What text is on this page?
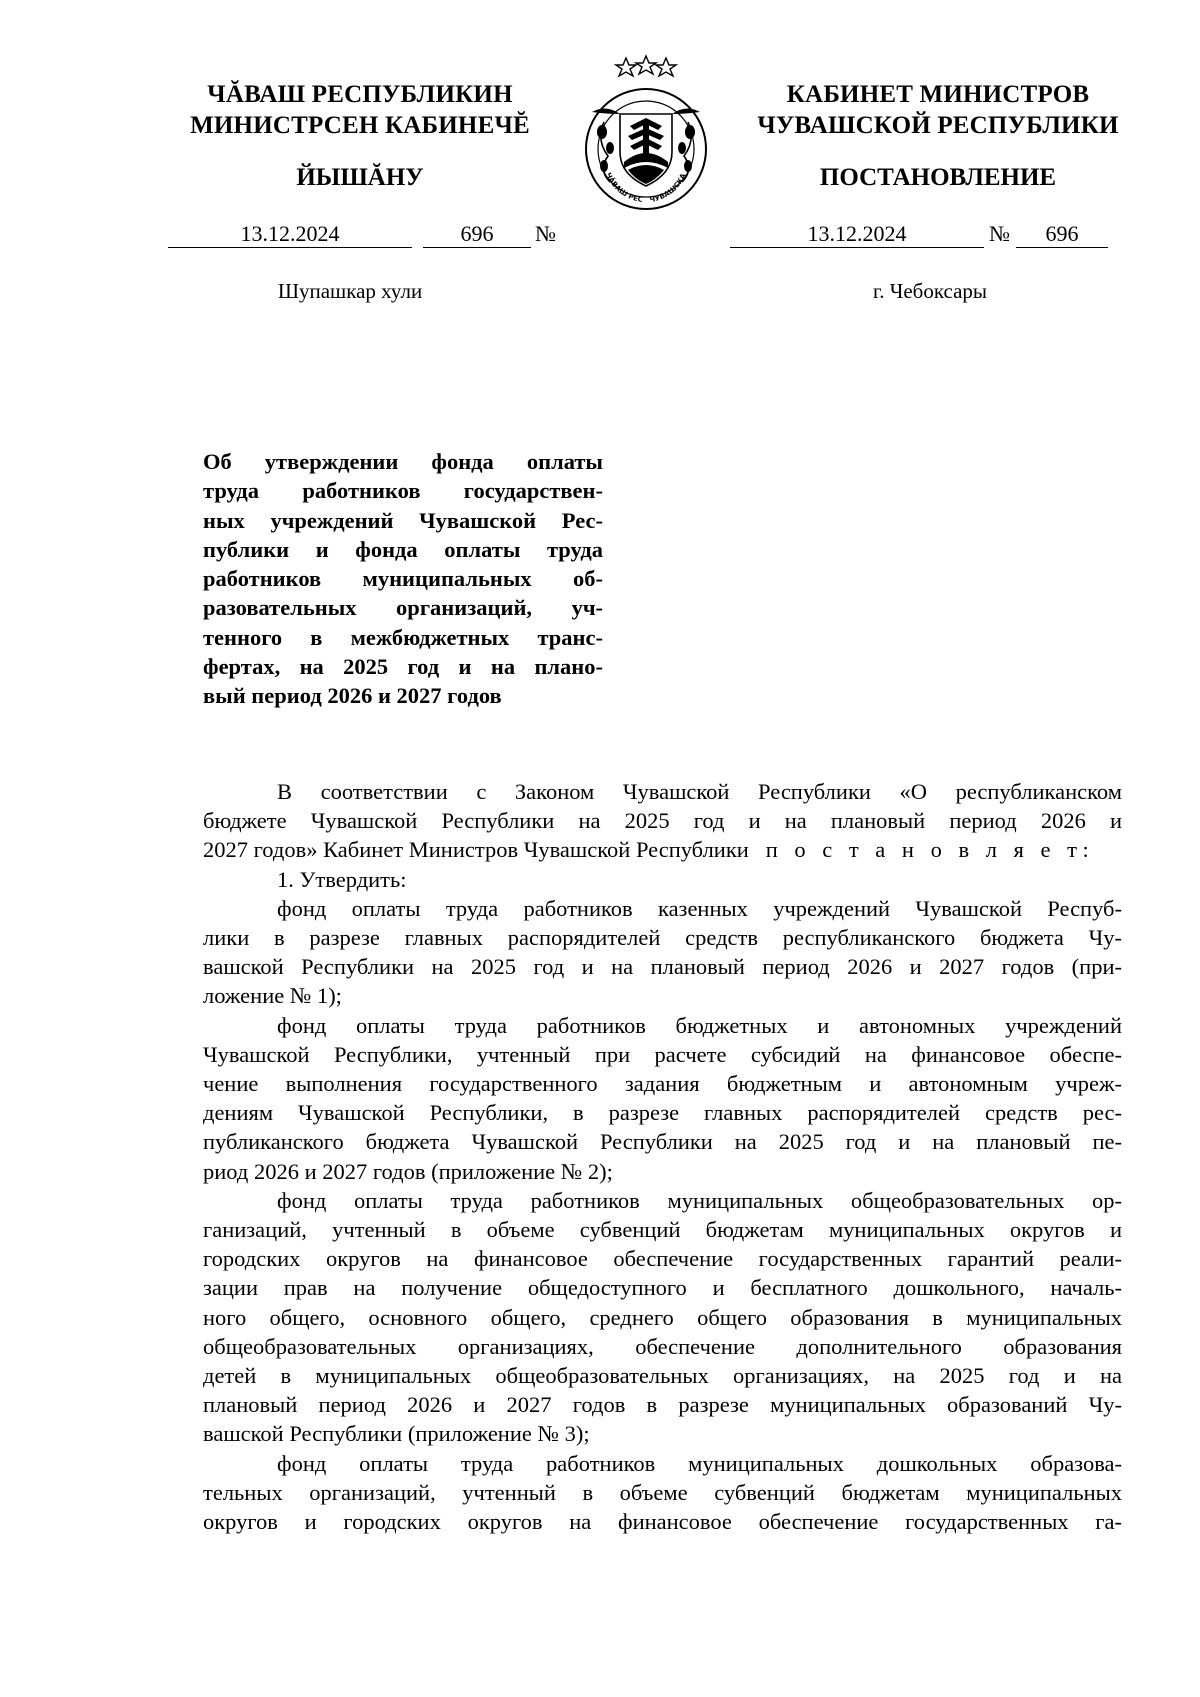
ЧĂВАШ РЕСПУБЛИКИН
МИНИСТРСЕН КАБИНЕЧĔ
ЙЫШĂНУ	ЧĂВАШ РЕС ЧУВАШСКА
КАБИНЕТ МИНИСТРОВ
ЧУВАШСКОЙ РЕСПУБЛИКИ
ПОСТАНОВЛЕНИЕ
13.12.2024	696	№	13.12.2024	№	696
Шупашкар хули	г. Чебоксары
Об утверждении фонда оплаты
труда работников государствен-
ных учреждений Чувашской Рес-
публики и фонда оплаты труда
работников муниципальных об-
разовательных организаций, уч-
тенного в межбюджетных транс-
фертах, на 2025 год и на плано-
вый период 2026 и 2027 годов
В соответствии с Законом Чувашской Республики «О республиканском
бюджете Чувашской Республики на 2025 год и на плановый период 2026 и
2027 годов» Кабинет Министров Чувашской Республики п о с т а н о в л я е т:
1. Утвердить:
фонд оплаты труда работников казенных учреждений Чувашской Респуб-
лики в разрезе главных распорядителей средств республиканского бюджета Чу-
вашской Республики на 2025 год и на плановый период 2026 и 2027 годов (при-
ложение № 1);
фонд оплаты труда работников бюджетных и автономных учреждений
Чувашской Республики, учтенный при расчете субсидий на финансовое обеспе-
чение выполнения государственного задания бюджетным и автономным учреж-
дениям Чувашской Республики, в разрезе главных распорядителей средств рес-
публиканского бюджета Чувашской Республики на 2025 год и на плановый пе-
риод 2026 и 2027 годов (приложение № 2);
фонд оплаты труда работников муниципальных общеобразовательных ор-
ганизаций, учтенный в объеме субвенций бюджетам муниципальных округов и
городских округов на финансовое обеспечение государственных гарантий реали-
зации прав на получение общедоступного и бесплатного дошкольного, началь-
ного общего, основного общего, среднего общего образования в муниципальных
общеобразовательных организациях, обеспечение дополнительного образования
детей в муниципальных общеобразовательных организациях, на 2025 год и на
плановый период 2026 и 2027 годов в разрезе муниципальных образований Чу-
вашской Республики (приложение № 3);
фонд оплаты труда работников муниципальных дошкольных образова-
тельных организаций, учтенный в объеме субвенций бюджетам муниципальных
округов и городских округов на финансовое обеспечение государственных га-
